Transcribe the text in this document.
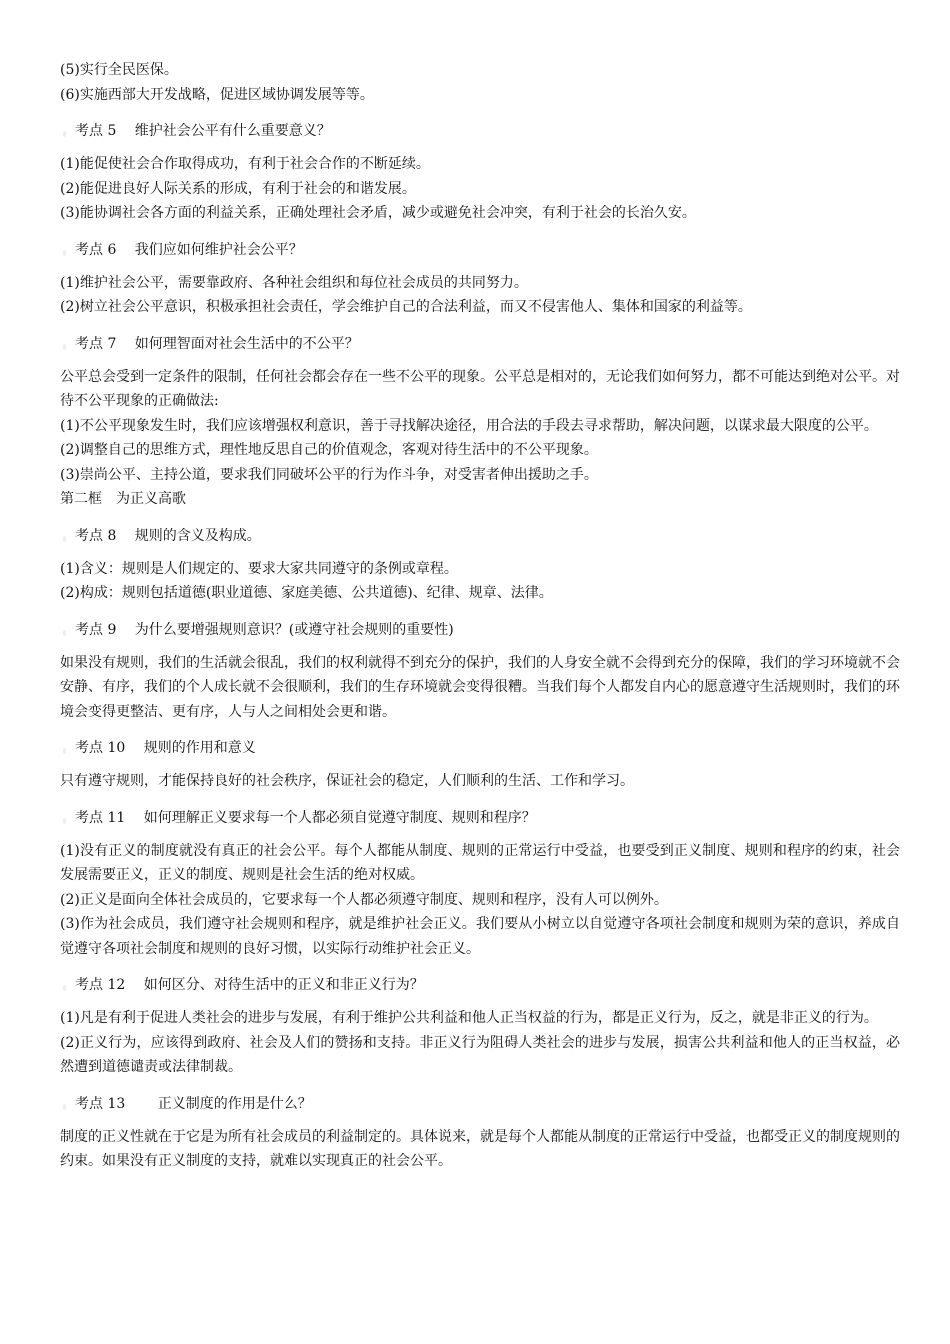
(5)实行全民医保。
(6)实施西部大开发战略，促进区域协调发展等等。
考点 5　 维护社会公平有什么重要意义？
(1)能促使社会合作取得成功，有利于社会合作的不断延续。
(2)能促进良好人际关系的形成，有利于社会的和谐发展。
(3)能协调社会各方面的利益关系，正确处理社会矛盾，减少或避免社会冲突，有利于社会的长治久安。
考点 6　 我们应如何维护社会公平？
(1)维护社会公平，需要靠政府、各种社会组织和每位社会成员的共同努力。
(2)树立社会公平意识，积极承担社会责任，学会维护自己的合法利益，而又不侵害他人、集体和国家的利益等。
考点 7　 如何理智面对社会生活中的不公平？
公平总会受到一定条件的限制，任何社会都会存在一些不公平的现象。公平总是相对的，无论我们如何努力，都不可能达到绝对公平。对待不公平现象的正确做法:
(1)不公平现象发生时，我们应该增强权利意识，善于寻找解决途径，用合法的手段去寻求帮助，解决问题，以谋求最大限度的公平。
(2)调整自己的思维方式，理性地反思自己的价值观念，客观对待生活中的不公平现象。
(3)崇尚公平、主持公道，要求我们同破坏公平的行为作斗争，对受害者伸出援助之手。
第二框　为正义高歌
考点 8　 规则的含义及构成。
(1)含义：规则是人们规定的、要求大家共同遵守的条例或章程。
(2)构成：规则包括道德(职业道德、家庭美德、公共道德)、纪律、规章、法律。
考点 9　 为什么要增强规则意识？(或遵守社会规则的重要性)
如果没有规则，我们的生活就会很乱，我们的权利就得不到充分的保护，我们的人身安全就不会得到充分的保障，我们的学习环境就不会安静、有序，我们的个人成长就不会很顺利，我们的生存环境就会变得很糟。当我们每个人都发自内心的愿意遵守生活规则时，我们的环境会变得更整洁、更有序，人与人之间相处会更和谐。
考点 10　 规则的作用和意义
只有遵守规则，才能保持良好的社会秩序，保证社会的稳定，人们顺利的生活、工作和学习。
考点 11　 如何理解正义要求每一个人都必须自觉遵守制度、规则和程序？
(1)没有正义的制度就没有真正的社会公平。每个人都能从制度、规则的正常运行中受益，也要受到正义制度、规则和程序的约束，社会发展需要正义，正义的制度、规则是社会生活的绝对权威。
(2)正义是面向全体社会成员的，它要求每一个人都必须遵守制度、规则和程序，没有人可以例外。
(3)作为社会成员，我们遵守社会规则和程序，就是维护社会正义。我们要从小树立以自觉遵守各项社会制度和规则为荣的意识，养成自觉遵守各项社会制度和规则的良好习惯，以实际行动维护社会正义。
考点 12　 如何区分、对待生活中的正义和非正义行为？
(1)凡是有利于促进人类社会的进步与发展，有利于维护公共利益和他人正当权益的行为，都是正义行为，反之，就是非正义的行为。
(2)正义行为，应该得到政府、社会及人们的赞扬和支持。非正义行为阻碍人类社会的进步与发展，损害公共利益和他人的正当权益，必然遭到道德谴责或法律制裁。
考点 13　 　正义制度的作用是什么？
制度的正义性就在于它是为所有社会成员的利益制定的。具体说来，就是每个人都能从制度的正常运行中受益，也都受正义的制度规则的约束。如果没有正义制度的支持，就难以实现真正的社会公平。
